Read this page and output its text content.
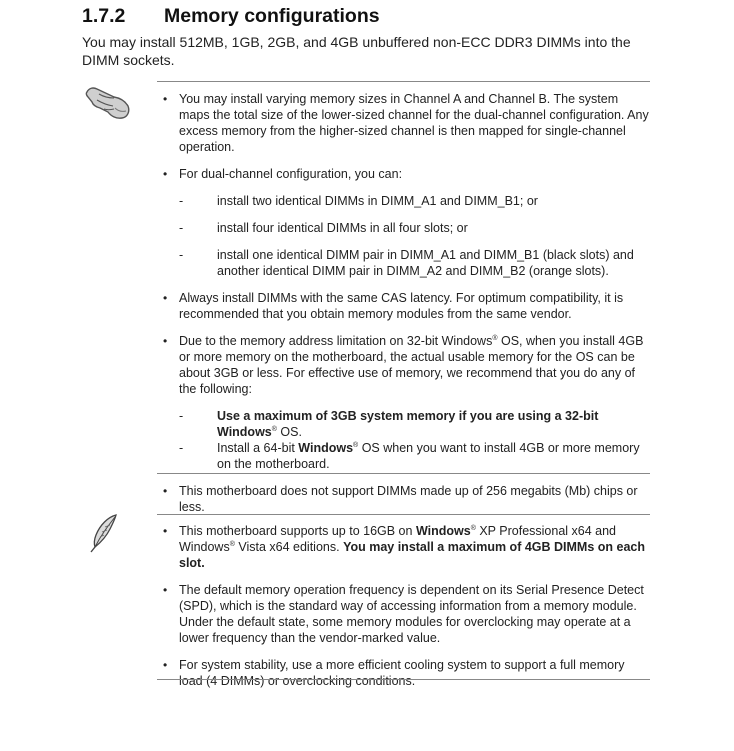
1.7.2 Memory configurations
You may install 512MB, 1GB, 2GB, and 4GB unbuffered non-ECC DDR3 DIMMs into the DIMM sockets.
• You may install varying memory sizes in Channel A and Channel B. The system maps the total size of the lower-sized channel for the dual-channel configuration. Any excess memory from the higher-sized channel is then mapped for single-channel operation.
• For dual-channel configuration, you can:
-	install two identical DIMMs in DIMM_A1 and DIMM_B1; or
-	install four identical DIMMs in all four slots; or
-	install one identical DIMM pair in DIMM_A1 and DIMM_B1 (black slots) and another identical DIMM pair in DIMM_A2 and DIMM_B2 (orange slots).
• Always install DIMMs with the same CAS latency. For optimum compatibility, it is recommended that you obtain memory modules from the same vendor.
• Due to the memory address limitation on 32-bit Windows® OS, when you install 4GB or more memory on the motherboard, the actual usable memory for the OS can be about 3GB or less. For effective use of memory, we recommend that you do any of the following:
-	Use a maximum of 3GB system memory if you are using a 32-bit Windows® OS.
-	Install a 64-bit Windows® OS when you want to install 4GB or more memory on the motherboard.
• This motherboard does not support DIMMs made up of 256 megabits (Mb) chips or less.
• This motherboard supports up to 16GB on Windows® XP Professional x64 and Windows® Vista x64 editions. You may install a maximum of 4GB DIMMs on each slot.
• The default memory operation frequency is dependent on its Serial Presence Detect (SPD), which is the standard way of accessing information from a memory module. Under the default state, some memory modules for overclocking may operate at a lower frequency than the vendor-marked value.
• For system stability, use a more efficient cooling system to support a full memory load (4 DIMMs) or overclocking conditions.
